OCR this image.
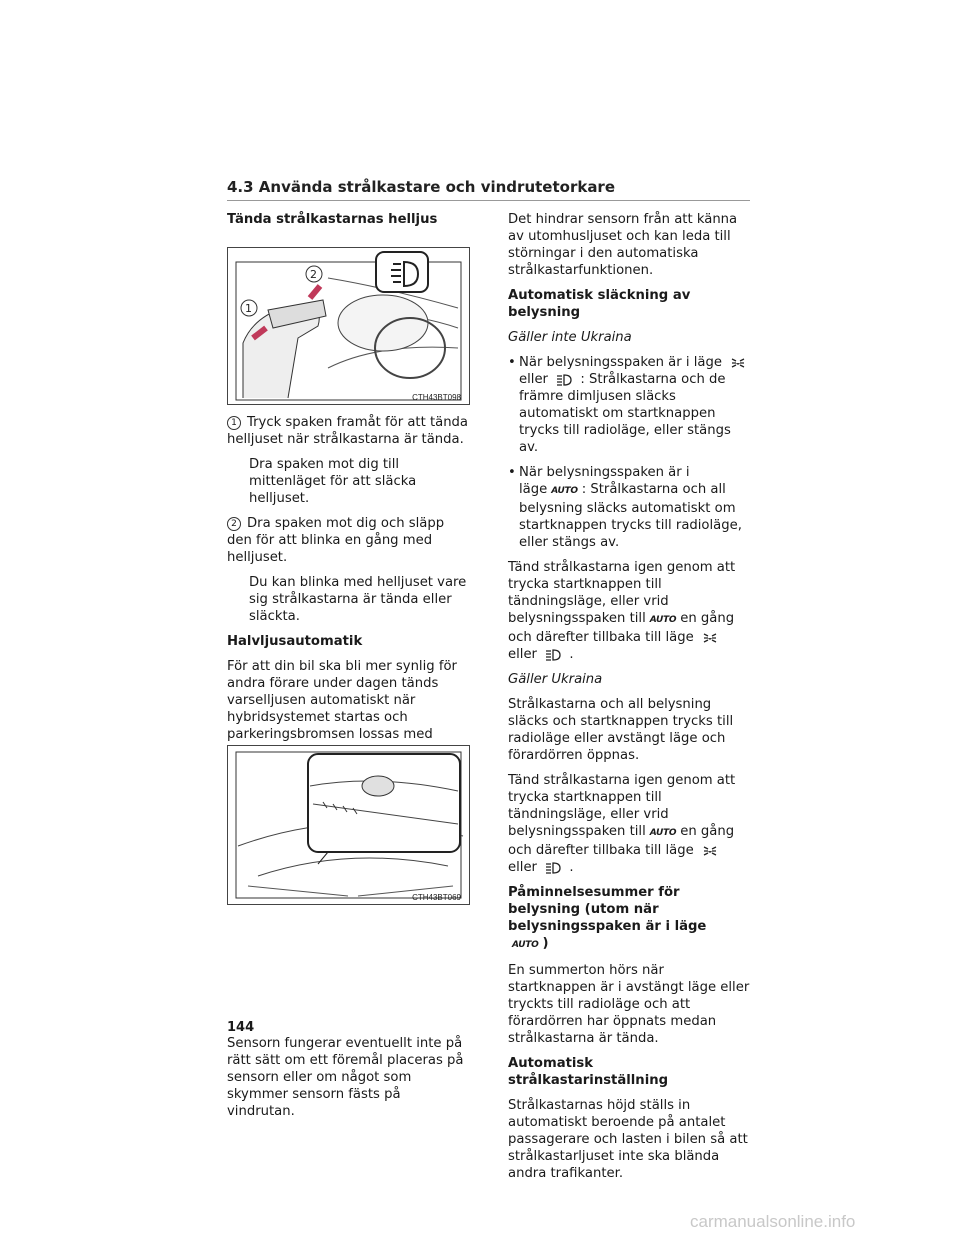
4.3 Använda strålkastare och vindrutetorkare
Tända strålkastarnas helljus

1 Tryck spaken framåt för att tända helljuset när strålkastarna är tända.

Dra spaken mot dig till mittenläget för att släcka helljuset.

2 Dra spaken mot dig och släpp den för att blinka en gång med helljuset.

Du kan blinka med helljuset vare sig strålkastarna är tända eller släckta.

Halvljusautomatik

För att din bil ska bli mer synlig för andra förare under dagen tänds varselljusen automatiskt när hybridsystemet startas och parkeringsbromsen lossas med

Sensorn fungerar eventuellt inte på rätt sätt om ett föremål placeras på sensorn eller om något som skymmer sensorn fästs på vindrutan.

1
2
CTH43BT098
CTH43BT069

Det hindrar sensorn från att känna av utomhusljuset och kan leda till störningar i den automatiska strålkastarfunktionen.

Automatisk släckning av belysning

Gäller inte Ukraina

• När belysningsspaken är i läge
eller : Strålkastarna och de främre dimljusen släcks automatiskt om startknappen trycks till radioläge, eller stängs av.

• När belysningsspaken är i läge AUTO : Strålkastarna och all belysning släcks automatiskt om startknappen trycks till radioläge, eller stängs av.

Tänd strålkastarna igen genom att trycka startknappen till tändningsläge, eller vrid belysningsspaken till AUTO en gång och därefter tillbaka till läge
eller .

Gäller Ukraina

Strålkastarna och all belysning släcks och startknappen trycks till radioläge eller avstängt läge och förardörren öppnas.

Tänd strålkastarna igen genom att trycka startknappen till tändningsläge, eller vrid belysningsspaken till AUTO en gång och därefter tillbaka till läge
eller .

Påminnelsesummer för belysning (utom när belysningsspaken är i läge
AUTO )

En summerton hörs när startknappen är i avstängt läge eller tryckts till radioläge och att förardörren har öppnats medan strålkastarna är tända.

Automatisk strålkastarinställning

Strålkastarnas höjd ställs in automatiskt beroende på antalet passagerare och lasten i bilen så att strålkastarljuset inte ska blända andra trafikanter.

144
carmanualsonline.info
